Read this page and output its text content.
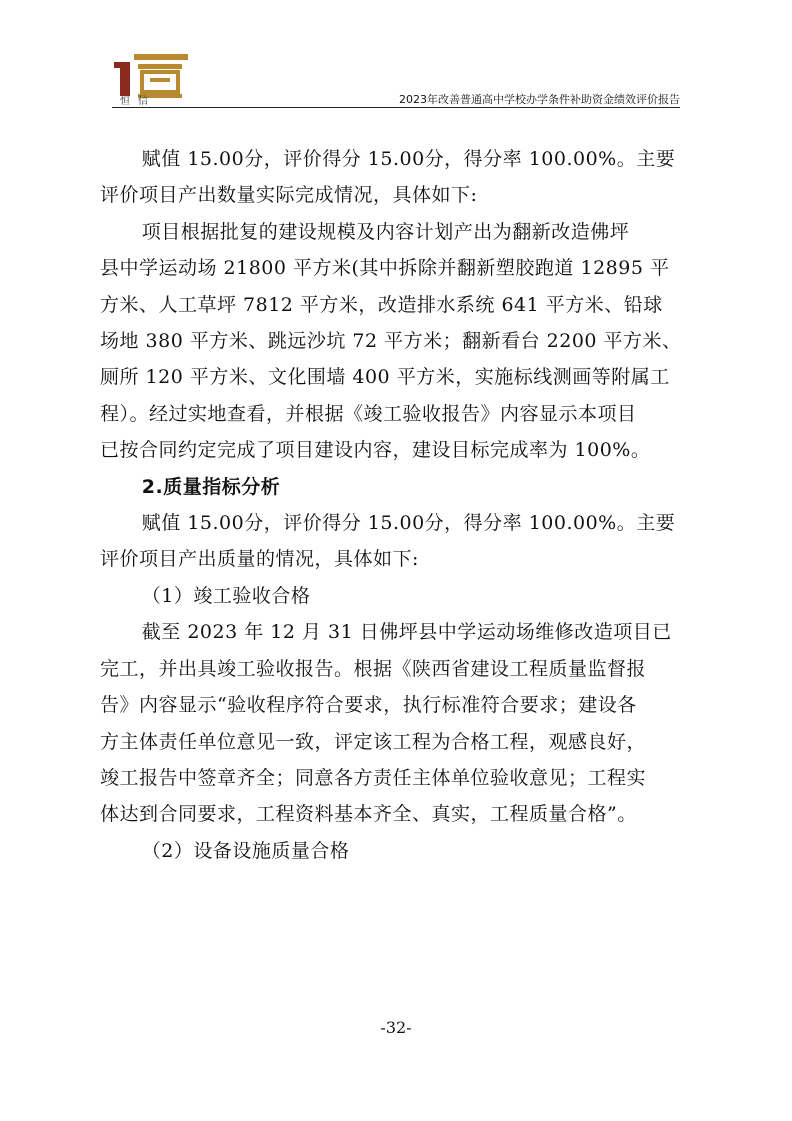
恒信	2023年改善普通高中学校办学条件补助资金绩效评价报告

赋值 15.00分，评价得分 15.00分，得分率 100.00%。主要
评价项目产出数量实际完成情况，具体如下:

项目根据批复的建设规模及内容计划产出为翻新改造佛坪
县中学运动场 21800 平方米(其中拆除并翻新塑胶跑道 12895 平
方米、人工草坪 7812 平方米，改造排水系统 641 平方米、铅球
场地 380 平方米、跳远沙坑 72 平方米；翻新看台 2200 平方米、
厕所 120 平方米、文化围墙 400 平方米，实施标线测画等附属工
程）。经过实地查看，并根据《竣工验收报告》内容显示本项目
已按合同约定完成了项目建设内容，建设目标完成率为 100%。

2.质量指标分析

赋值 15.00分，评价得分 15.00分，得分率 100.00%。主要
评价项目产出质量的情况，具体如下:

（1）竣工验收合格

截至 2023 年 12 月 31 日佛坪县中学运动场维修改造项目已
完工，并出具竣工验收报告。根据《陕西省建设工程质量监督报
告》内容显示“验收程序符合要求，执行标准符合要求；建设各
方主体责任单位意见一致，评定该工程为合格工程，观感良好，
竣工报告中签章齐全；同意各方责任主体单位验收意见；工程实
体达到合同要求，工程资料基本齐全、真实，工程质量合格”。

（2）设备设施质量合格

-32-
